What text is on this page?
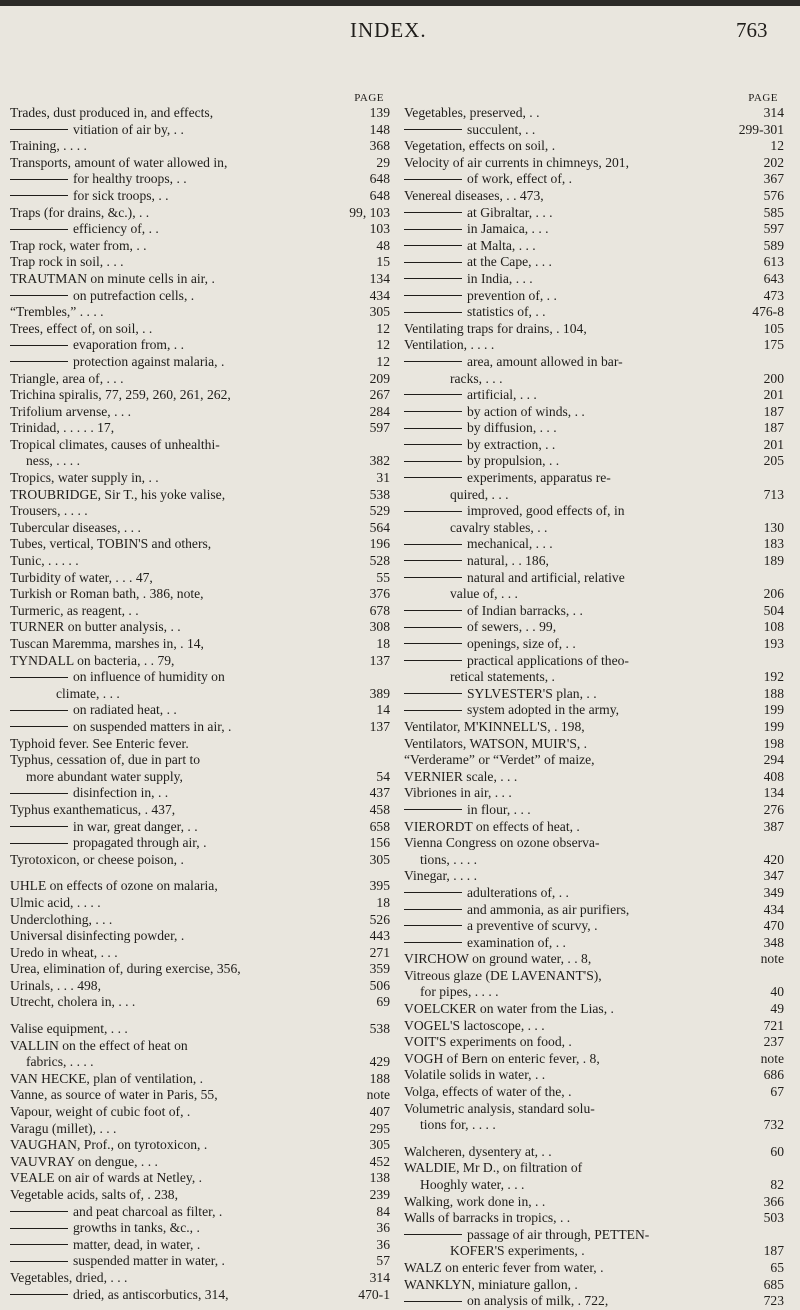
INDEX.	763
PAGE
Trades, dust produced in, and effects,	139
vitiation of air by, . .	148
Training, . . . .	368
Transports, amount of water allowed in,	29
for healthy troops, . .	648
for sick troops, . .	648
Traps (for drains, &c.), . .	99, 103
efficiency of, . .	103
Trap rock, water from, . .	48
Trap rock in soil, . . .	15
TRAUTMAN on minute cells in air, .	134
on putrefaction cells, .	434
“Trembles,” . . . .	305
Trees, effect of, on soil, . .	12
evaporation from, . .	12
protection against malaria, .	12
Triangle, area of, . . .	209
Trichina spiralis, 77, 259, 260, 261, 262,	267
Trifolium arvense, . . .	284
Trinidad, . . . . . 17,	597
Tropical climates, causes of unhealthi-
ness, . . . .	382
Tropics, water supply in, . .	31
TROUBRIDGE, Sir T., his yoke valise,	538
Trousers, . . . .	529
Tubercular diseases, . . .	564
Tubes, vertical, TOBIN'S and others,	196
Tunic, . . . . .	528
Turbidity of water, . . . 47,	55
Turkish or Roman bath, . 386, note,	376
Turmeric, as reagent, . .	678
TURNER on butter analysis, . .	308
Tuscan Maremma, marshes in, . 14,	18
TYNDALL on bacteria, . . 79,	137
on influence of humidity on
climate, . . .	389
on radiated heat, . .	14
on suspended matters in air, .	137
Typhoid fever. See Enteric fever.
Typhus, cessation of, due in part to
more abundant water supply,	54
disinfection in, . .	437
Typhus exanthematicus, . 437,	458
in war, great danger, . .	658
propagated through air, .	156
Tyrotoxicon, or cheese poison, .	305
UHLE on effects of ozone on malaria,	395
Ulmic acid, . . . .	18
Underclothing, . . .	526
Universal disinfecting powder, .	443
Uredo in wheat, . . .	271
Urea, elimination of, during exercise, 356,	359
Urinals, . . . 498,	506
Utrecht, cholera in, . . .	69
Valise equipment, . . .	538
VALLIN on the effect of heat on
fabrics, . . . .	429
VAN HECKE, plan of ventilation, .	188
Vanne, as source of water in Paris, 55,	note
Vapour, weight of cubic foot of, .	407
Varagu (millet), . . .	295
VAUGHAN, Prof., on tyrotoxicon, .	305
VAUVRAY on dengue, . . .	452
VEALE on air of wards at Netley, .	138
Vegetable acids, salts of, . 238,	239
and peat charcoal as filter, .	84
growths in tanks, &c., .	36
matter, dead, in water, .	36
suspended matter in water, .	57
Vegetables, dried, . . .	314
dried, as antiscorbutics, 314,	470-1
PAGE
Vegetables, preserved, . .	314
succulent, . .	299-301
Vegetation, effects on soil, .	12
Velocity of air currents in chimneys, 201,	202
of work, effect of, .	367
Venereal diseases, . . 473,	576
at Gibraltar, . . .	585
in Jamaica, . . .	597
at Malta, . . .	589
at the Cape, . . .	613
in India, . . .	643
prevention of, . .	473
statistics of, . .	476-8
Ventilating traps for drains, . 104,	105
Ventilation, . . . .	175
area, amount allowed in bar-
racks, . . .	200
artificial, . . .	201
by action of winds, . .	187
by diffusion, . . .	187
by extraction, . .	201
by propulsion, . .	205
experiments, apparatus re-
quired, . . .	713
improved, good effects of, in
cavalry stables, . .	130
mechanical, . . .	183
natural, . . 186,	189
natural and artificial, relative
value of, . . .	206
of Indian barracks, . .	504
of sewers, . . 99,	108
openings, size of, . .	193
practical applications of theo-
retical statements, .	192
SYLVESTER'S plan, . .	188
system adopted in the army,	199
Ventilator, M'KINNELL'S, . 198,	199
Ventilators, WATSON, MUIR'S, .	198
“Verderame” or “Verdet” of maize,	294
VERNIER scale, . . .	408
Vibriones in air, . . .	134
in flour, . . .	276
VIERORDT on effects of heat, .	387
Vienna Congress on ozone observa-
tions, . . . .	420
Vinegar, . . . .	347
adulterations of, . .	349
and ammonia, as air purifiers,	434
a preventive of scurvy, .	470
examination of, . .	348
VIRCHOW on ground water, . . 8,	note
Vitreous glaze (DE LAVENANT'S),
for pipes, . . . .	40
VOELCKER on water from the Lias, .	49
VOGEL'S lactoscope, . . .	721
VOIT'S experiments on food, .	237
VOGH of Bern on enteric fever, . 8,	note
Volatile solids in water, . .	686
Volga, effects of water of the, .	67
Volumetric analysis, standard solu-
tions for, . . . .	732
Walcheren, dysentery at, . .	60
WALDIE, Mr D., on filtration of
Hooghly water, . . .	82
Walking, work done in, . .	366
Walls of barracks in tropics, . .	503
passage of air through, PETTEN-
KOFER'S experiments, .	187
WALZ on enteric fever from water, .	65
WANKLYN, miniature gallon, .	685
on analysis of milk, . 722,	723
